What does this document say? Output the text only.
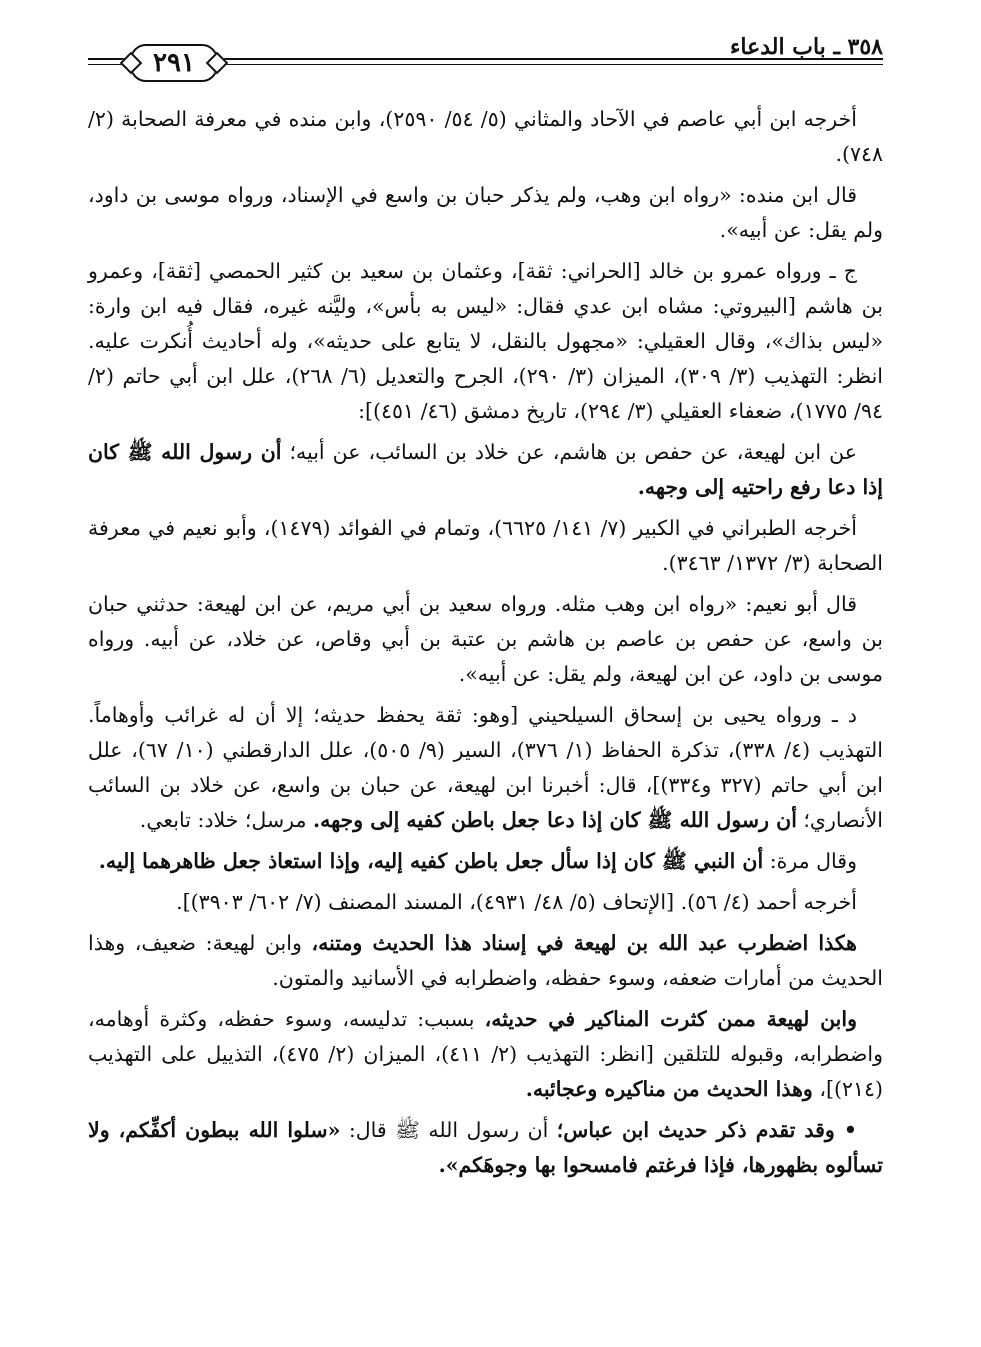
٢٩١
٣٥٨ ـ باب الدعاء

أخرجه ابن أبي عاصم في الآحاد والمثاني (٥/ ٥٤/ ٢٥٩٠)، وابن منده في معرفة الصحابة (٢/ ٧٤٨).

قال ابن منده: «رواه ابن وهب، ولم يذكر حبان بن واسع في الإسناد، ورواه موسى بن داود، ولم يقل: عن أبيه».

ج ـ ورواه عمرو بن خالد [الحراني: ثقة]، وعثمان بن سعيد بن كثير الحمصي [ثقة]، وعمرو بن هاشم [البيروتي: مشاه ابن عدي فقال: «ليس به بأس»، وليَّنه غيره، فقال فيه ابن وارة: «ليس بذاك»، وقال العقيلي: «مجهول بالنقل، لا يتابع على حديثه»، وله أحاديث أُنكرت عليه. انظر: التهذيب (٣/ ٣٠٩)، الميزان (٣/ ٢٩٠)، الجرح والتعديل (٦/ ٢٦٨)، علل ابن أبي حاتم (٢/ ٩٤/ ١٧٧٥)، ضعفاء العقيلي (٣/ ٢٩٤)، تاريخ دمشق (٤٦/ ٤٥١)]:

عن ابن لهيعة، عن حفص بن هاشم، عن خلاد بن السائب، عن أبيه؛ أن رسول الله ﷺ كان إذا دعا رفع راحتيه إلى وجهه.

أخرجه الطبراني في الكبير (٧/ ١٤١/ ٦٦٢٥)، وتمام في الفوائد (١٤٧٩)، وأبو نعيم في معرفة الصحابة (٣/ ١٣٧٢/ ٣٤٦٣).

قال أبو نعيم: «رواه ابن وهب مثله. ورواه سعيد بن أبي مريم، عن ابن لهيعة: حدثني حبان بن واسع، عن حفص بن عاصم بن هاشم بن عتبة بن أبي وقاص، عن خلاد، عن أبيه. ورواه موسى بن داود، عن ابن لهيعة، ولم يقل: عن أبيه».

د ـ ورواه يحيى بن إسحاق السيلحيني [وهو: ثقة يحفظ حديثه؛ إلا أن له غرائب وأوهاماً. التهذيب (٤/ ٣٣٨)، تذكرة الحفاظ (١/ ٣٧٦)، السير (٩/ ٥٠٥)، علل الدارقطني (١٠/ ٦٧)، علل ابن أبي حاتم (٣٢٧ و٣٣٤)]، قال: أخبرنا ابن لهيعة، عن حبان بن واسع، عن خلاد بن السائب الأنصاري؛ أن رسول الله ﷺ كان إذا دعا جعل باطن كفيه إلى وجهه. مرسل؛ خلاد: تابعي.

وقال مرة: أن النبي ﷺ كان إذا سأل جعل باطن كفيه إليه، وإذا استعاذ جعل ظاهرهما إليه.

أخرجه أحمد (٤/ ٥٦). [الإتحاف (٥/ ٤٨/ ٤٩٣١)، المسند المصنف (٧/ ٦٠٢/ ٣٩٠٣)].

هكذا اضطرب عبد الله بن لهيعة في إسناد هذا الحديث ومتنه، وابن لهيعة: ضعيف، وهذا الحديث من أمارات ضعفه، وسوء حفظه، واضطرابه في الأسانيد والمتون.

وابن لهيعة ممن كثرت المناكير في حديثه، بسبب: تدليسه، وسوء حفظه، وكثرة أوهامه، واضطرابه، وقبوله للتلقين [انظر: التهذيب (٢/ ٤١١)، الميزان (٢/ ٤٧٥)، التذييل على التهذيب (٢١٤)]، وهذا الحديث من مناكيره وعجائبه.

• وقد تقدم ذكر حديث ابن عباس؛ أن رسول الله ﷺ قال: «سلوا الله ببطون أكفِّكم، ولا تسألوه بظهورها، فإذا فرغتم فامسحوا بها وجوهَكم».
